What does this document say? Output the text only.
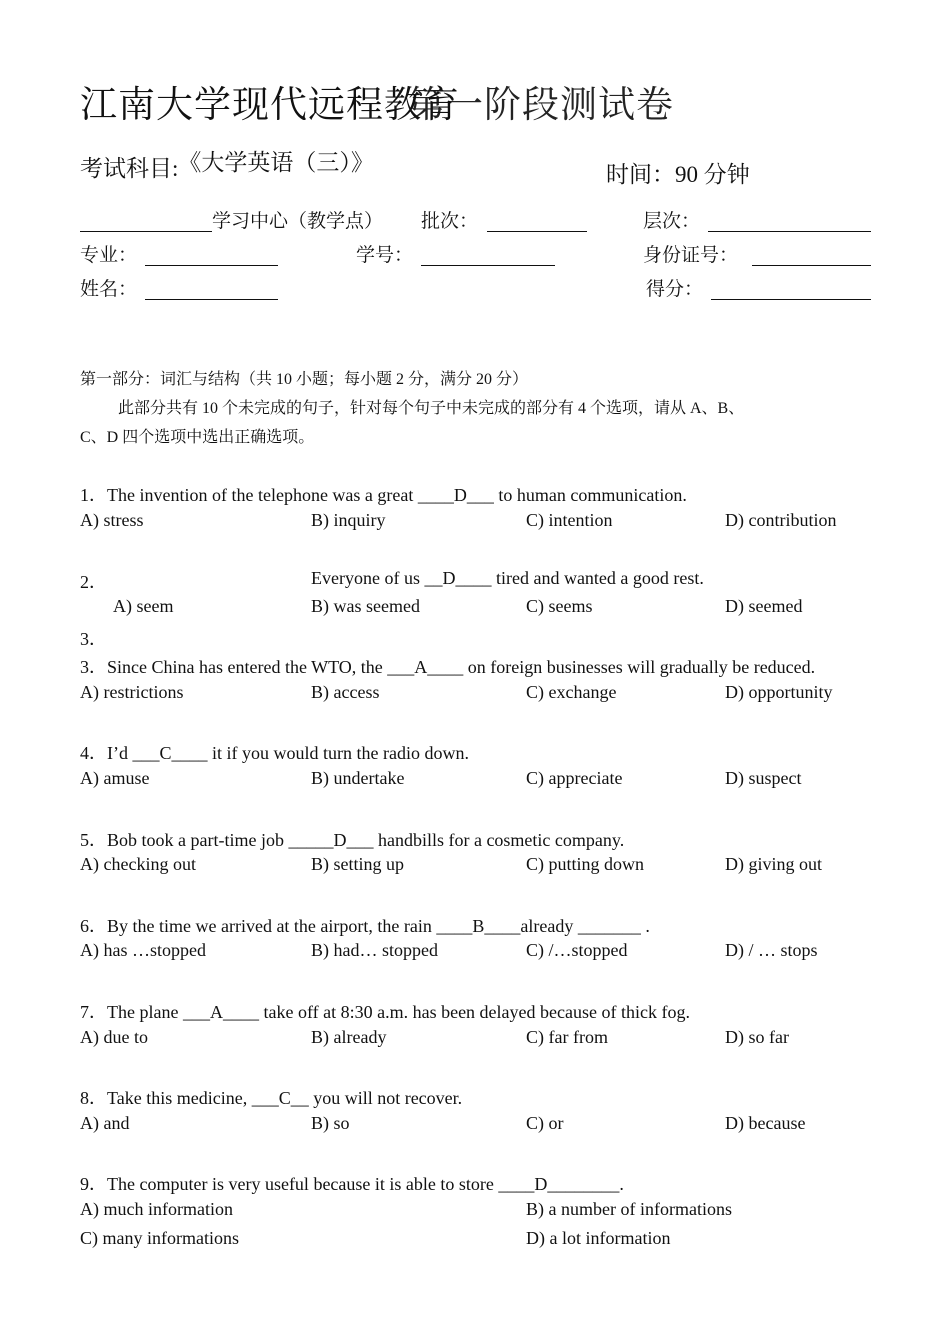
江南大学现代远程教育
第一阶段测试卷
考试科目:《大学英语（三）》	时间：90 分钟
学习中心（教学点） 批次：	层次：
专业：	学号：	身份证号：
姓名：	得分：
第一部分：词汇与结构（共 10 小题；每小题 2 分，满分 20 分）
此部分共有 10 个未完成的句子，针对每个句子中未完成的部分有 4 个选项，请从 A、B、
C、D 四个选项中选出正确选项。
1．The invention of the telephone was a great ____D___ to human communication.
A) stress	B) inquiry	C) intention	D) contribution
2．	Everyone of us __D____ tired and wanted a good rest.
A) seem	B) was seemed	C) seems	D) seemed
3．
3．Since China has entered the WTO, the ___A____ on foreign businesses will gradually be reduced.
A) restrictions	B) access	C) exchange	D) opportunity
4．I’d ___C____ it if you would turn the radio down.
A) amuse	B) undertake	C) appreciate	D) suspect
5．Bob took a part-time job _____D___ handbills for a cosmetic company.
A) checking out	B) setting up	C) putting down	D) giving out
6．By the time we arrived at the airport, the rain ____B____already _______ .
A) has …stopped	B) had… stopped	C) /…stopped	D) / … stops
7．The plane ___A____ take off at 8:30 a.m. has been delayed because of thick fog.
A) due to	B) already	C) far from	D) so far
8．Take this medicine, ___C__ you will not recover.
A) and	B) so	C) or	D) because
9．The computer is very useful because it is able to store ____D________.
A) much information	B) a number of informations
C) many informations	D) a lot information
